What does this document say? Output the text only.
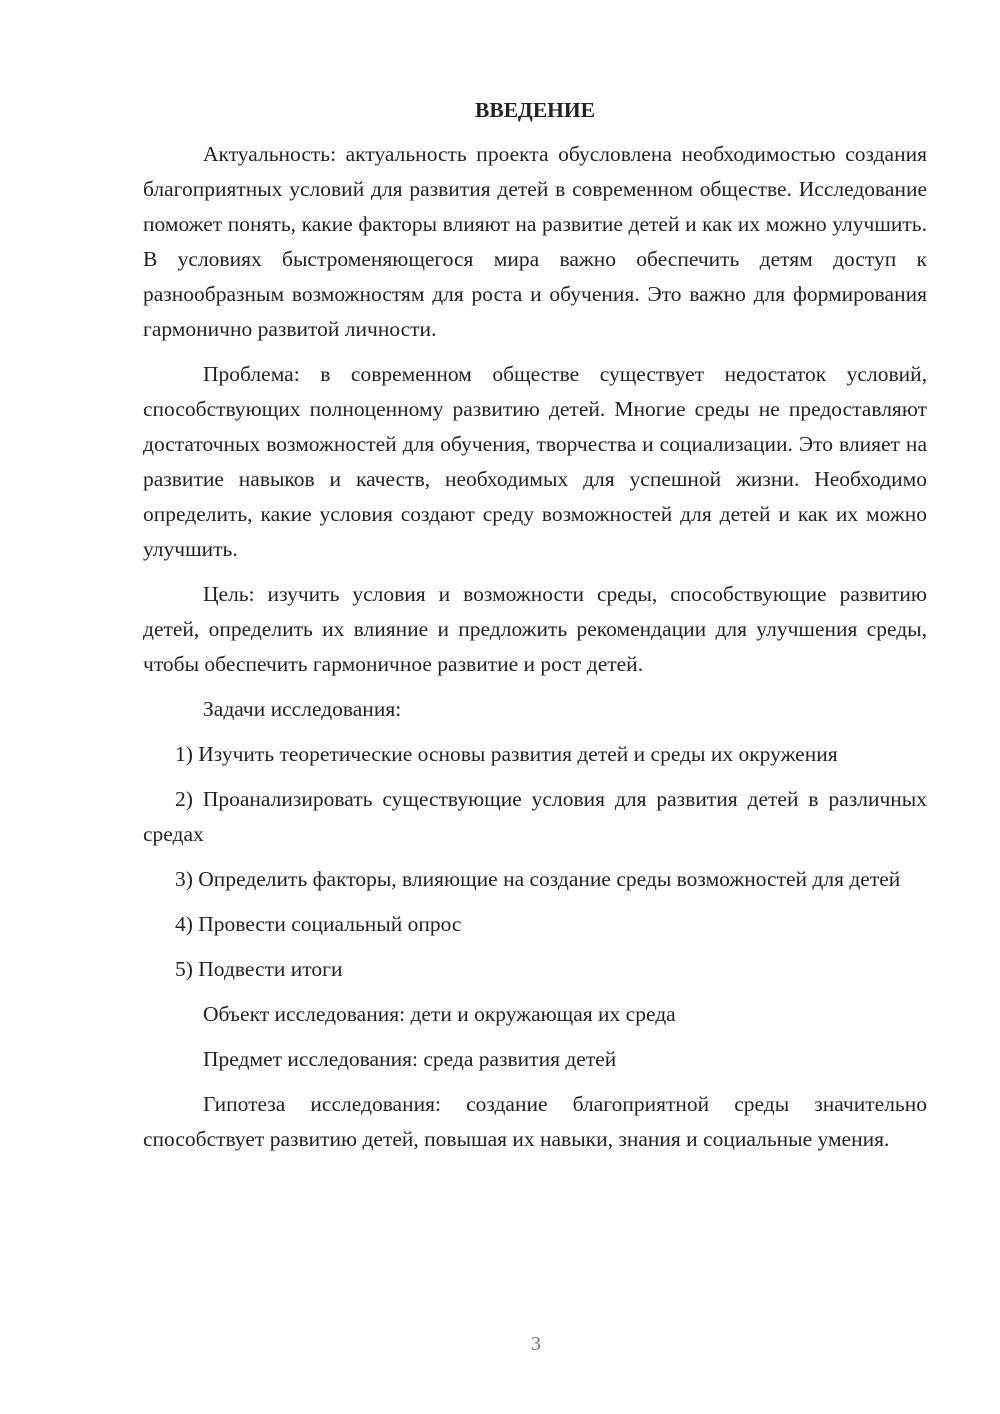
ВВЕДЕНИЕ

Актуальность: актуальность проекта обусловлена необходимостью создания благоприятных условий для развития детей в современном обществе. Исследование поможет понять, какие факторы влияют на развитие детей и как их можно улучшить. В условиях быстроменяющегося мира важно обеспечить детям доступ к разнообразным возможностям для роста и обучения. Это важно для формирования гармонично развитой личности.

Проблема: в современном обществе существует недостаток условий, способствующих полноценному развитию детей. Многие среды не предоставляют достаточных возможностей для обучения, творчества и социализации. Это влияет на развитие навыков и качеств, необходимых для успешной жизни. Необходимо определить, какие условия создают среду возможностей для детей и как их можно улучшить.

Цель: изучить условия и возможности среды, способствующие развитию детей, определить их влияние и предложить рекомендации для улучшения среды, чтобы обеспечить гармоничное развитие и рост детей.

Задачи исследования:

1) Изучить теоретические основы развития детей и среды их окружения

2) Проанализировать существующие условия для развития детей в различных средах

3) Определить факторы, влияющие на создание среды возможностей для детей

4) Провести социальный опрос

5) Подвести итоги

Объект исследования: дети и окружающая их среда

Предмет исследования: среда развития детей

Гипотеза исследования: создание благоприятной среды значительно способствует развитию детей, повышая их навыки, знания и социальные умения.

3
